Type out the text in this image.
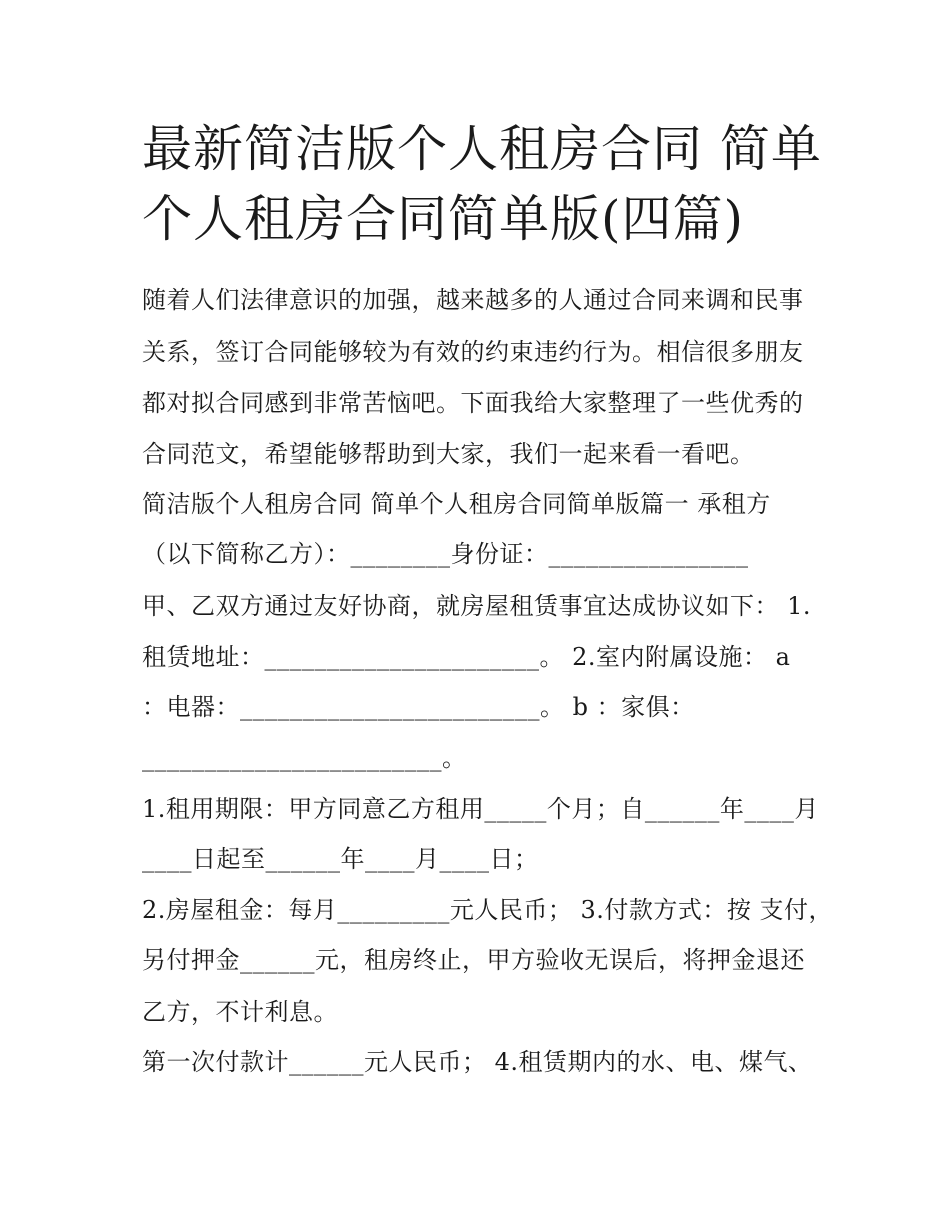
最新简洁版个人租房合同 简单
个人租房合同简单版(四篇)
随着人们法律意识的加强，越来越多的人通过合同来调和民事
关系，签订合同能够较为有效的约束违约行为。相信很多朋友
都对拟合同感到非常苦恼吧。下面我给大家整理了一些优秀的
合同范文，希望能够帮助到大家，我们一起来看一看吧。
简洁版个人租房合同 简单个人租房合同简单版篇一 承租方
（以下简称乙方）：________身份证：________________
甲、乙双方通过友好协商，就房屋租赁事宜达成协议如下： 1.
租赁地址：______________________。 2.室内附属设施： a
：电器：________________________。 b ：家俱：
________________________。
1.租用期限：甲方同意乙方租用_____个月；自______年____月
____日起至______年____月____日；
2.房屋租金：每月_________元人民币； 3.付款方式：按 支付，
另付押金______元，租房终止，甲方验收无误后，将押金退还
乙方，不计利息。
第一次付款计______元人民币； 4.租赁期内的水、电、煤气、
